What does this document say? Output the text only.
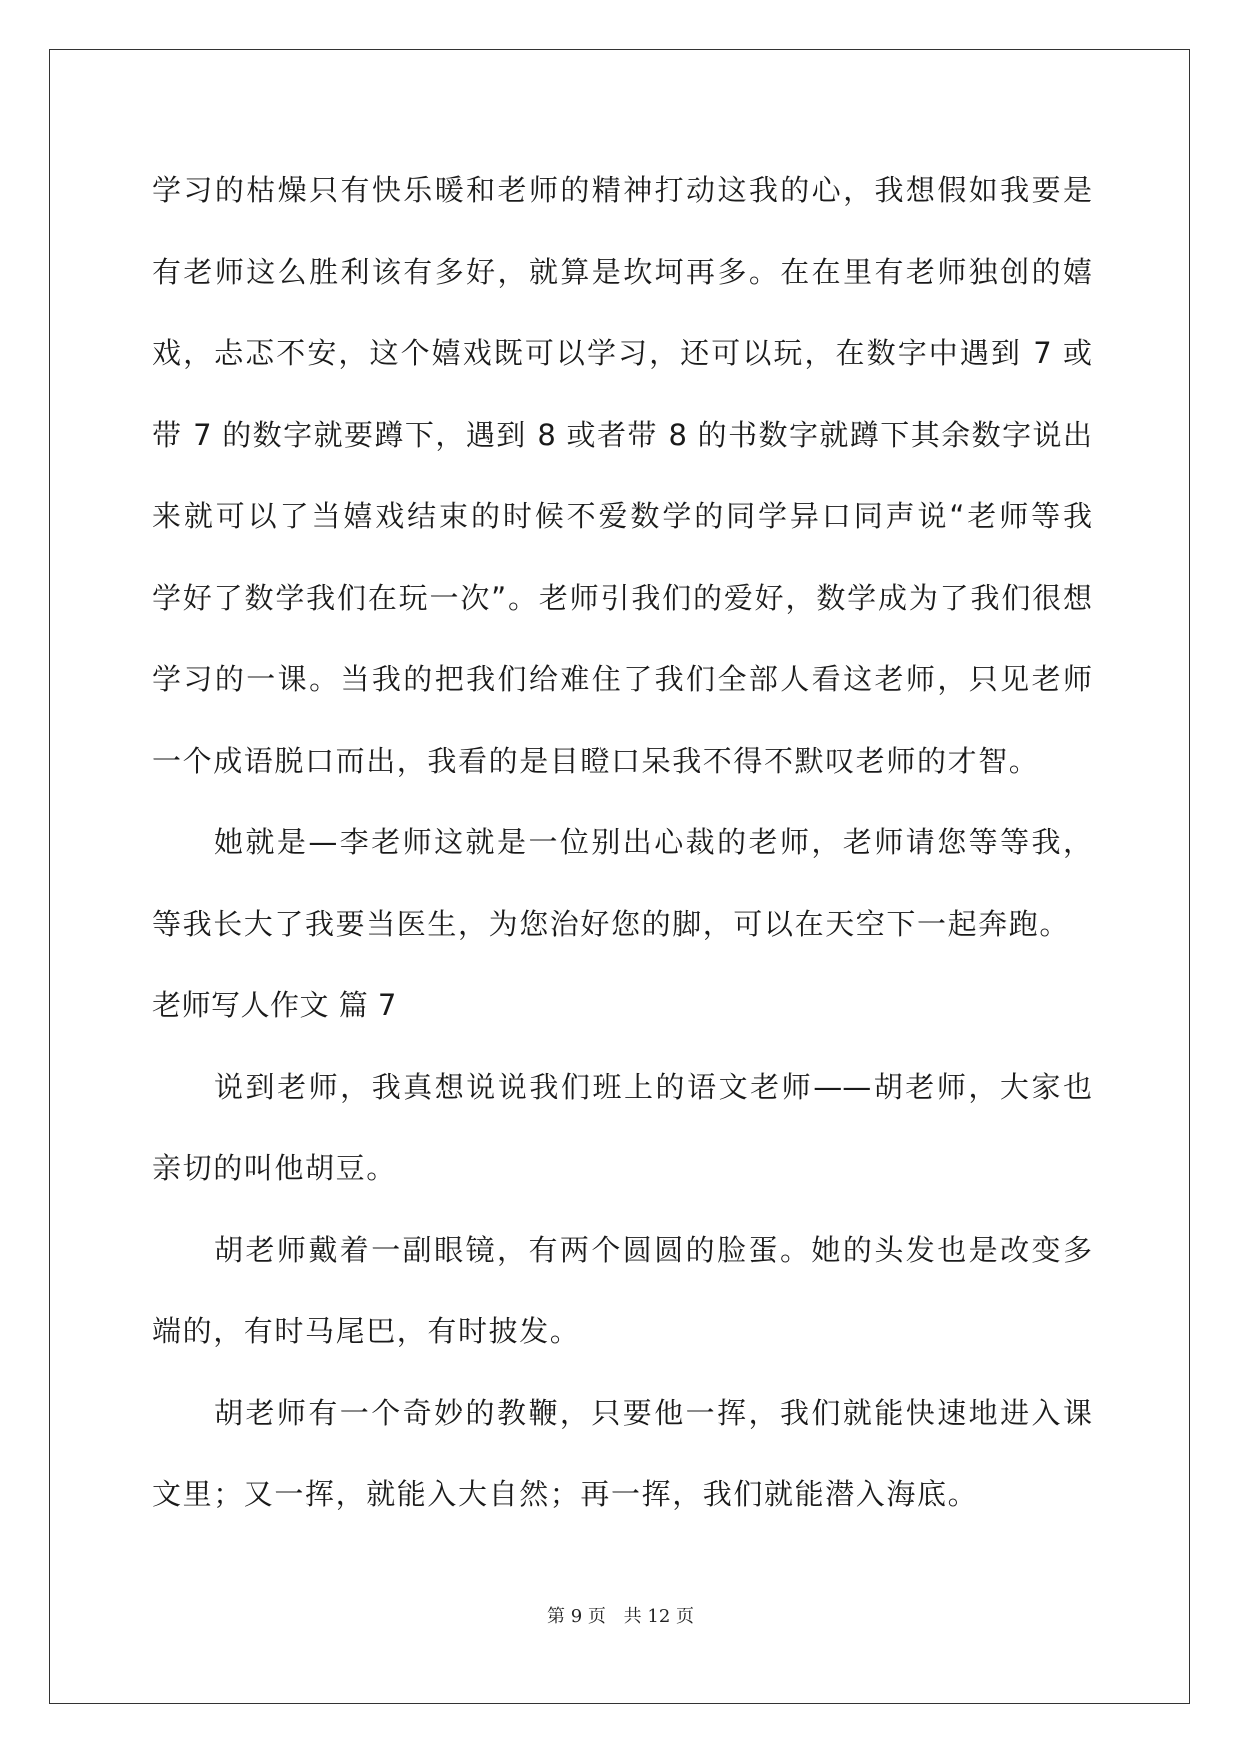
学习的枯燥只有快乐暖和老师的精神打动这我的心，我想假如我要是
有老师这么胜利该有多好，就算是坎坷再多。在在里有老师独创的嬉
戏，忐忑不安，这个嬉戏既可以学习，还可以玩，在数字中遇到 7 或
带 7 的数字就要蹲下，遇到 8 或者带 8 的书数字就蹲下其余数字说出
来就可以了当嬉戏结束的时候不爱数学的同学异口同声说“老师等我
学好了数学我们在玩一次”。老师引我们的爱好，数学成为了我们很想
学习的一课。当我的把我们给难住了我们全部人看这老师，只见老师
一个成语脱口而出，我看的是目瞪口呆我不得不默叹老师的才智。
她就是—李老师这就是一位别出心裁的老师，老师请您等等我，
等我长大了我要当医生，为您治好您的脚，可以在天空下一起奔跑。
老师写人作文 篇 7
说到老师，我真想说说我们班上的语文老师——胡老师，大家也
亲切的叫他胡豆。
胡老师戴着一副眼镜，有两个圆圆的脸蛋。她的头发也是改变多
端的，有时马尾巴，有时披发。
胡老师有一个奇妙的教鞭，只要他一挥，我们就能快速地进入课
文里；又一挥，就能入大自然；再一挥，我们就能潜入海底。
第 9 页 共 12 页
